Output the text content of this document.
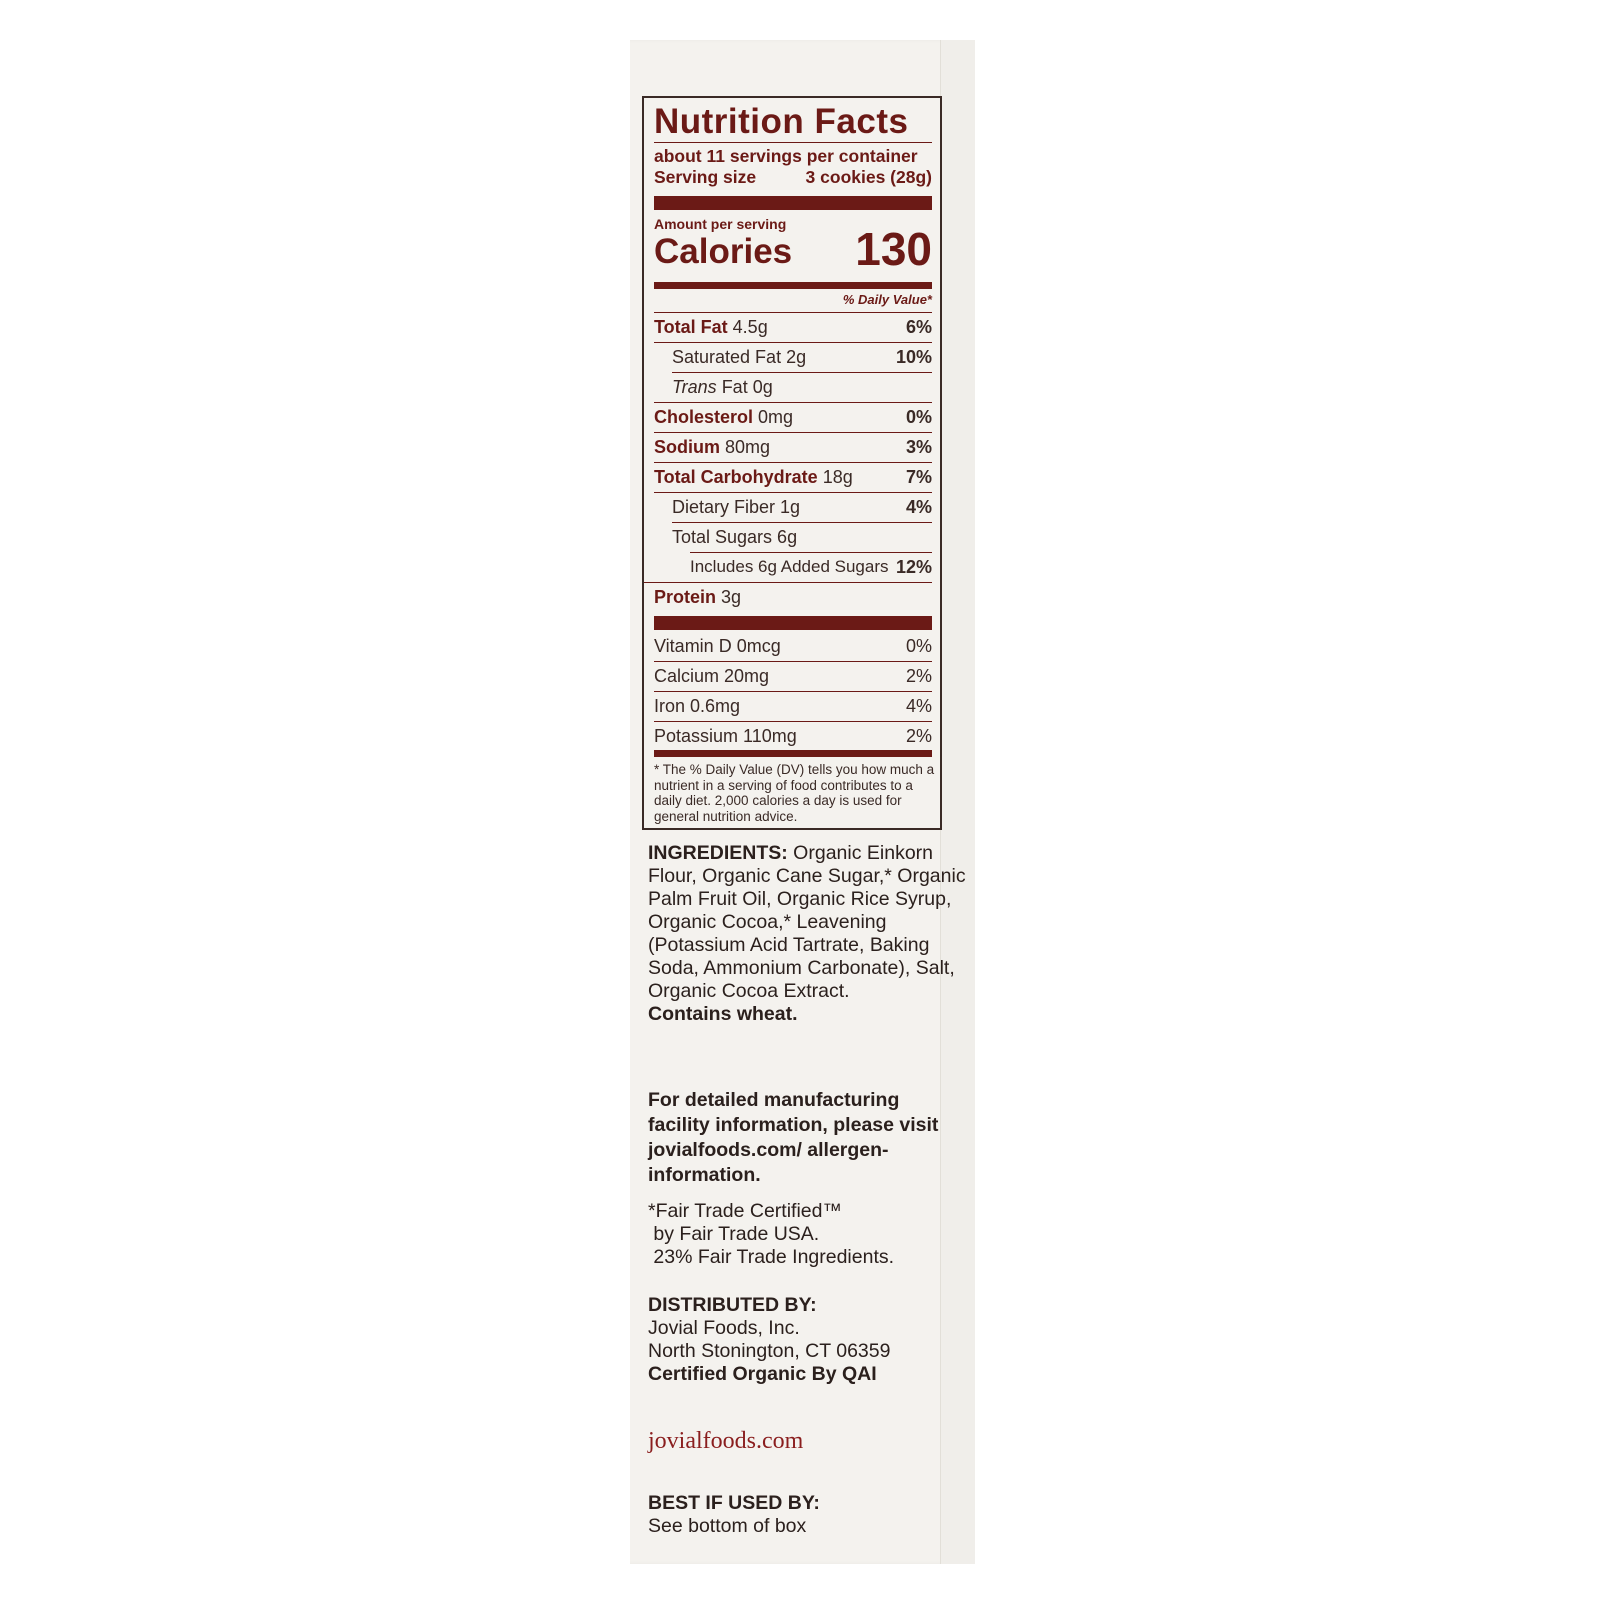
Nutrition Facts
about 11 servings per container
Serving size	3 cookies (28g)
Amount per serving
Calories 130
% Daily Value*
Total Fat 4.5g	6%
Saturated Fat 2g	10%
Trans Fat 0g
Cholesterol 0mg	0%
Sodium 80mg	3%
Total Carbohydrate 18g	7%
Dietary Fiber 1g	4%
Total Sugars 6g
Includes 6g Added Sugars 12%
Protein 3g
Vitamin D 0mcg	0%
Calcium 20mg	2%
Iron 0.6mg	4%
Potassium 110mg	2%
* The % Daily Value (DV) tells you how much a nutrient in a serving of food contributes to a daily diet. 2,000 calories a day is used for general nutrition advice.
INGREDIENTS: Organic Einkorn Flour, Organic Cane Sugar,* Organic Palm Fruit Oil, Organic Rice Syrup, Organic Cocoa,* Leavening (Potassium Acid Tartrate, Baking Soda, Ammonium Carbonate), Salt, Organic Cocoa Extract.
Contains wheat.
For detailed manufacturing facility information, please visit jovialfoods.com/ allergen-information.
*Fair Trade Certified™
by Fair Trade USA.
23% Fair Trade Ingredients.
DISTRIBUTED BY:
Jovial Foods, Inc.
North Stonington, CT 06359
Certified Organic By QAI
jovialfoods.com
BEST IF USED BY:
See bottom of box
